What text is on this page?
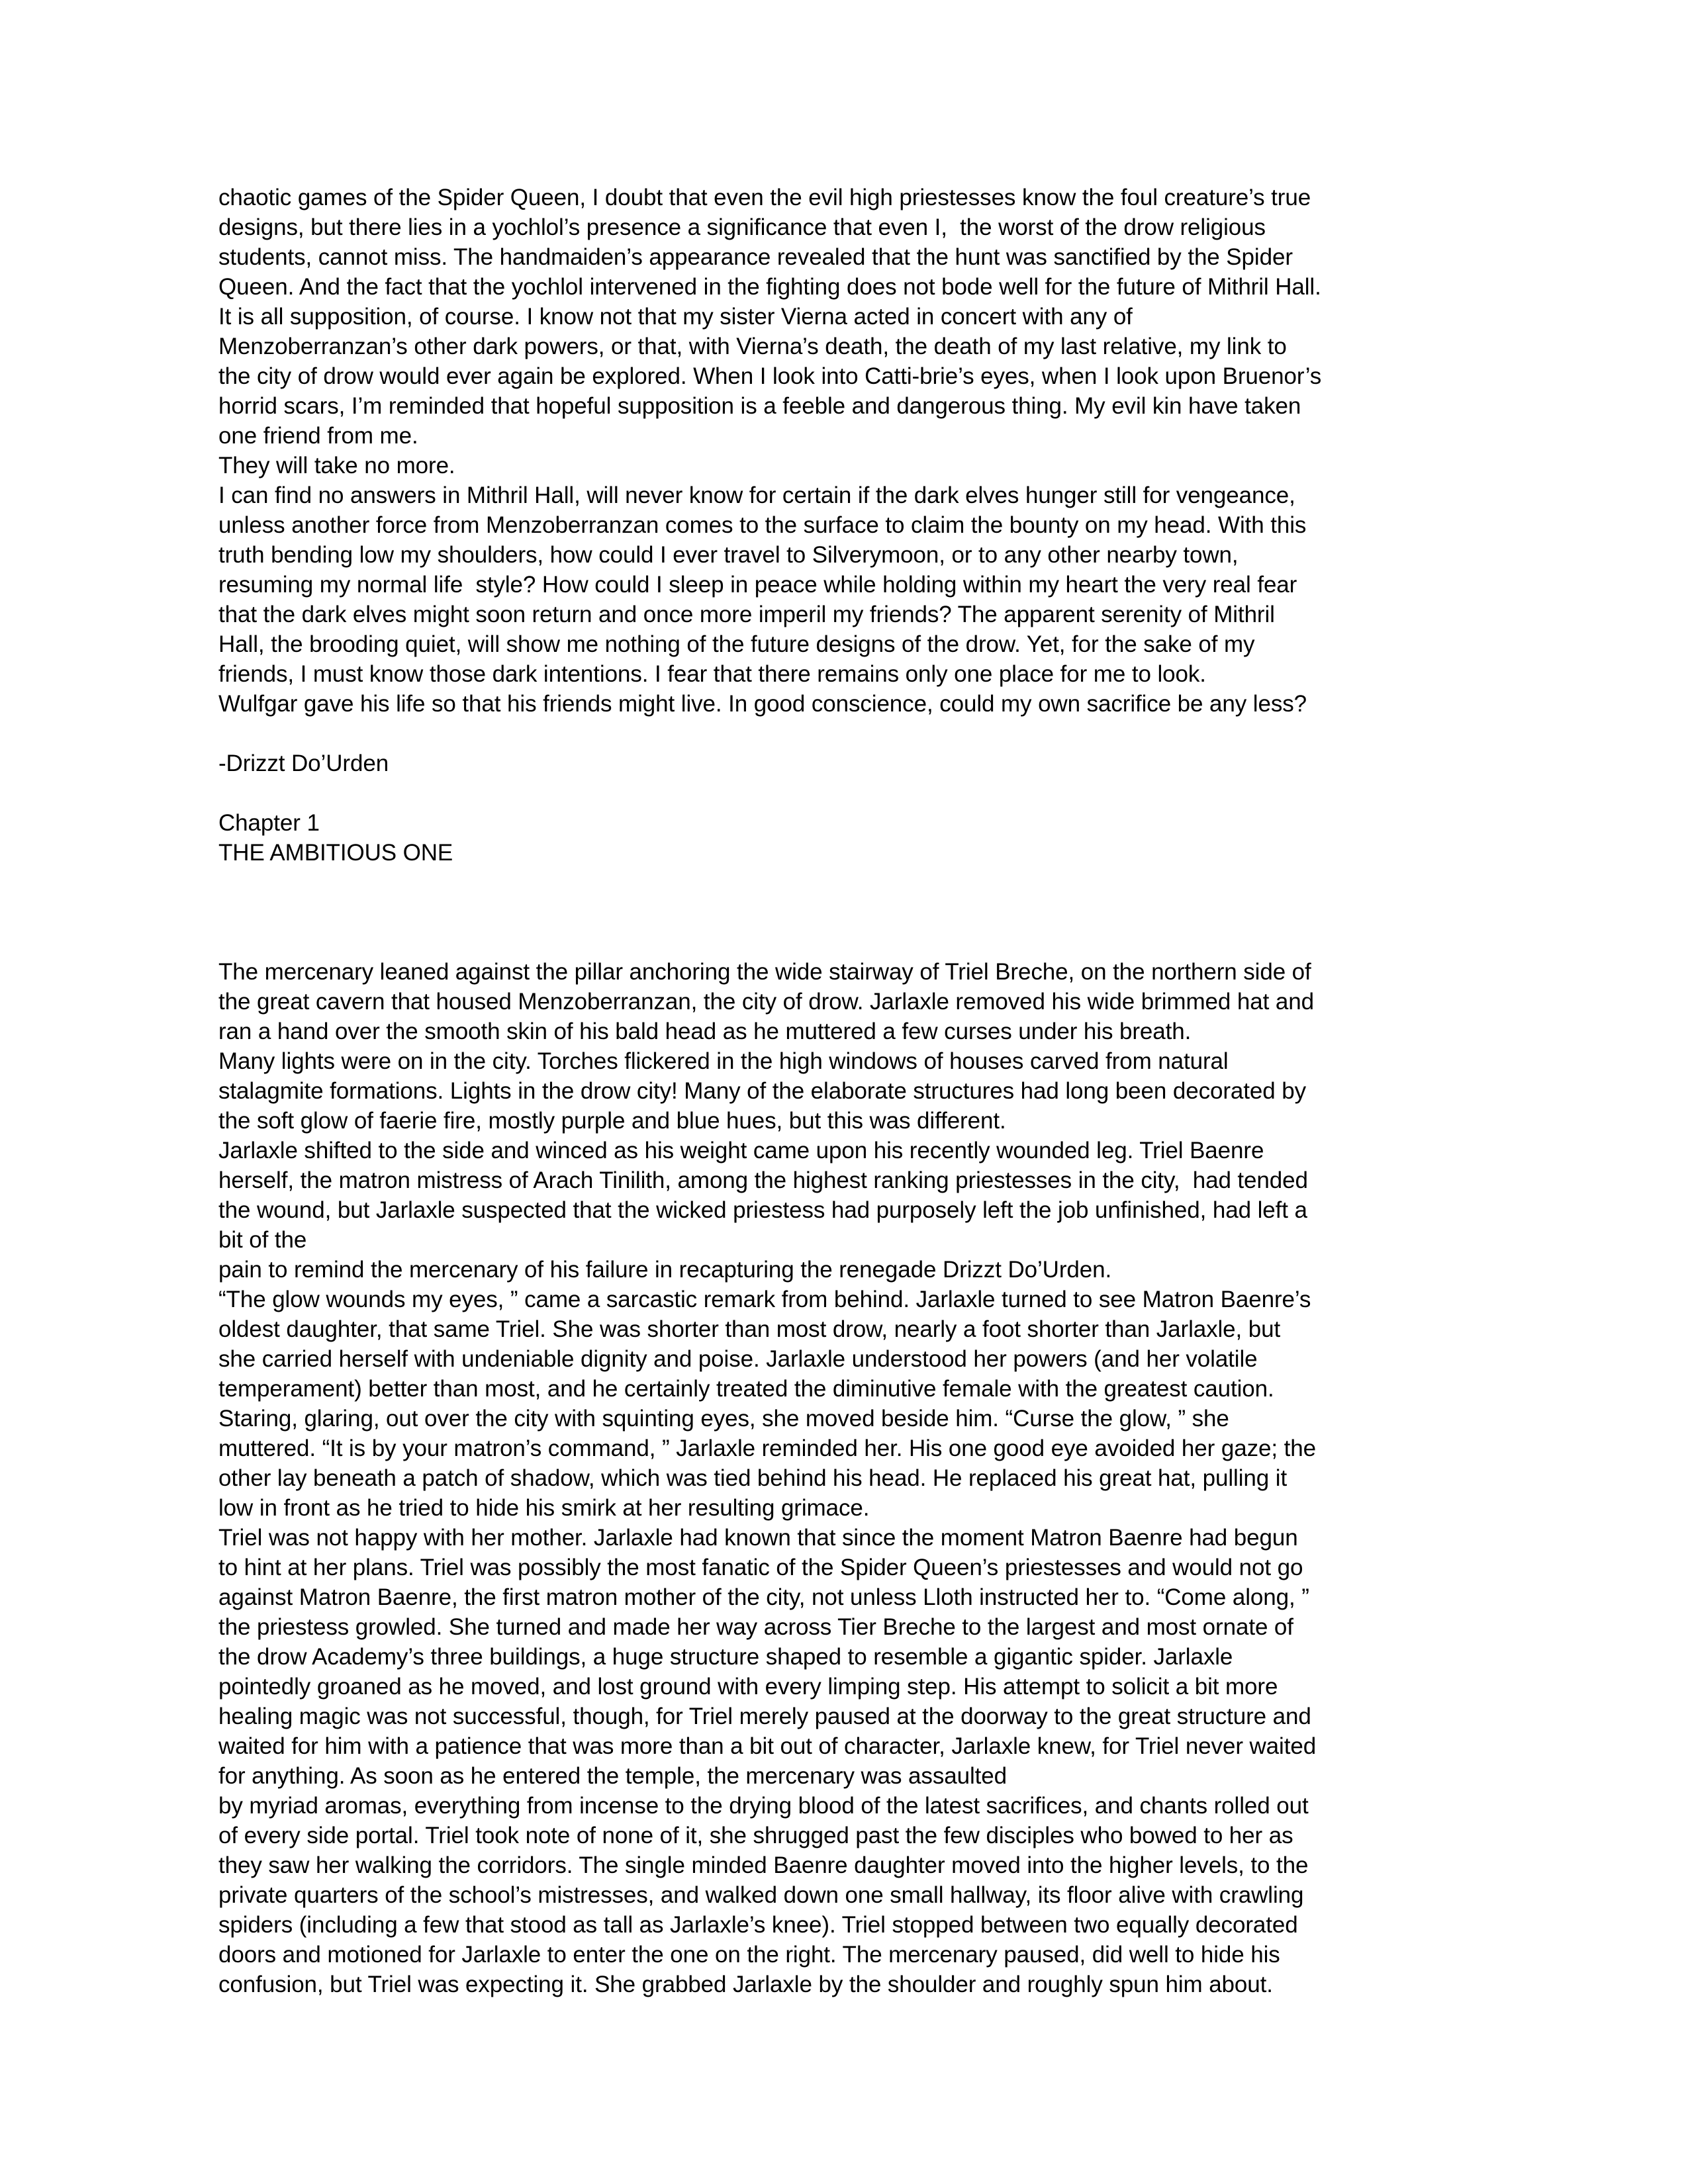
chaotic games of the Spider Queen, I doubt that even the evil high priestesses know the foul creature’s true
designs, but there lies in a yochlol’s presence a significance that even I,  the worst of the drow religious
students, cannot miss. The handmaiden’s appearance revealed that the hunt was sanctified by the Spider
Queen. And the fact that the yochlol intervened in the fighting does not bode well for the future of Mithril Hall.
It is all supposition, of course. I know not that my sister Vierna acted in concert with any of
Menzoberranzan’s other dark powers, or that, with Vierna’s death, the death of my last relative, my link to
the city of drow would ever again be explored. When I look into Catti-brie’s eyes, when I look upon Bruenor’s
horrid scars, I’m reminded that hopeful supposition is a feeble and dangerous thing. My evil kin have taken
one friend from me.
They will take no more.
I can find no answers in Mithril Hall, will never know for certain if the dark elves hunger still for vengeance,
unless another force from Menzoberranzan comes to the surface to claim the bounty on my head. With this
truth bending low my shoulders, how could I ever travel to Silverymoon, or to any other nearby town,
resuming my normal life  style? How could I sleep in peace while holding within my heart the very real fear
that the dark elves might soon return and once more imperil my friends? The apparent serenity of Mithril
Hall, the brooding quiet, will show me nothing of the future designs of the drow. Yet, for the sake of my
friends, I must know those dark intentions. I fear that there remains only one place for me to look.
Wulfgar gave his life so that his friends might live. In good conscience, could my own sacrifice be any less?
-Drizzt Do’Urden
Chapter 1
THE AMBITIOUS ONE
The mercenary leaned against the pillar anchoring the wide stairway of Triel Breche, on the northern side of
the great cavern that housed Menzoberranzan, the city of drow. Jarlaxle removed his wide brimmed hat and
ran a hand over the smooth skin of his bald head as he muttered a few curses under his breath.
Many lights were on in the city. Torches flickered in the high windows of houses carved from natural
stalagmite formations. Lights in the drow city! Many of the elaborate structures had long been decorated by
the soft glow of faerie fire, mostly purple and blue hues, but this was different.
Jarlaxle shifted to the side and winced as his weight came upon his recently wounded leg. Triel Baenre
herself, the matron mistress of Arach Tinilith, among the highest ranking priestesses in the city,  had tended
the wound, but Jarlaxle suspected that the wicked priestess had purposely left the job unfinished, had left a
bit of the
pain to remind the mercenary of his failure in recapturing the renegade Drizzt Do’Urden.
“The glow wounds my eyes, ” came a sarcastic remark from behind. Jarlaxle turned to see Matron Baenre’s
oldest daughter, that same Triel. She was shorter than most drow, nearly a foot shorter than Jarlaxle, but
she carried herself with undeniable dignity and poise. Jarlaxle understood her powers (and her volatile
temperament) better than most, and he certainly treated the diminutive female with the greatest caution.
Staring, glaring, out over the city with squinting eyes, she moved beside him. “Curse the glow, ” she
muttered. “It is by your matron’s command, ” Jarlaxle reminded her. His one good eye avoided her gaze; the
other lay beneath a patch of shadow, which was tied behind his head. He replaced his great hat, pulling it
low in front as he tried to hide his smirk at her resulting grimace.
Triel was not happy with her mother. Jarlaxle had known that since the moment Matron Baenre had begun
to hint at her plans. Triel was possibly the most fanatic of the Spider Queen’s priestesses and would not go
against Matron Baenre, the first matron mother of the city, not unless Lloth instructed her to. “Come along, ”
the priestess growled. She turned and made her way across Tier Breche to the largest and most ornate of
the drow Academy’s three buildings, a huge structure shaped to resemble a gigantic spider. Jarlaxle
pointedly groaned as he moved, and lost ground with every limping step. His attempt to solicit a bit more
healing magic was not successful, though, for Triel merely paused at the doorway to the great structure and
waited for him with a patience that was more than a bit out of character, Jarlaxle knew, for Triel never waited
for anything. As soon as he entered the temple, the mercenary was assaulted
by myriad aromas, everything from incense to the drying blood of the latest sacrifices, and chants rolled out
of every side portal. Triel took note of none of it, she shrugged past the few disciples who bowed to her as
they saw her walking the corridors. The single minded Baenre daughter moved into the higher levels, to the
private quarters of the school’s mistresses, and walked down one small hallway, its floor alive with crawling
spiders (including a few that stood as tall as Jarlaxle’s knee). Triel stopped between two equally decorated
doors and motioned for Jarlaxle to enter the one on the right. The mercenary paused, did well to hide his
confusion, but Triel was expecting it. She grabbed Jarlaxle by the shoulder and roughly spun him about.
